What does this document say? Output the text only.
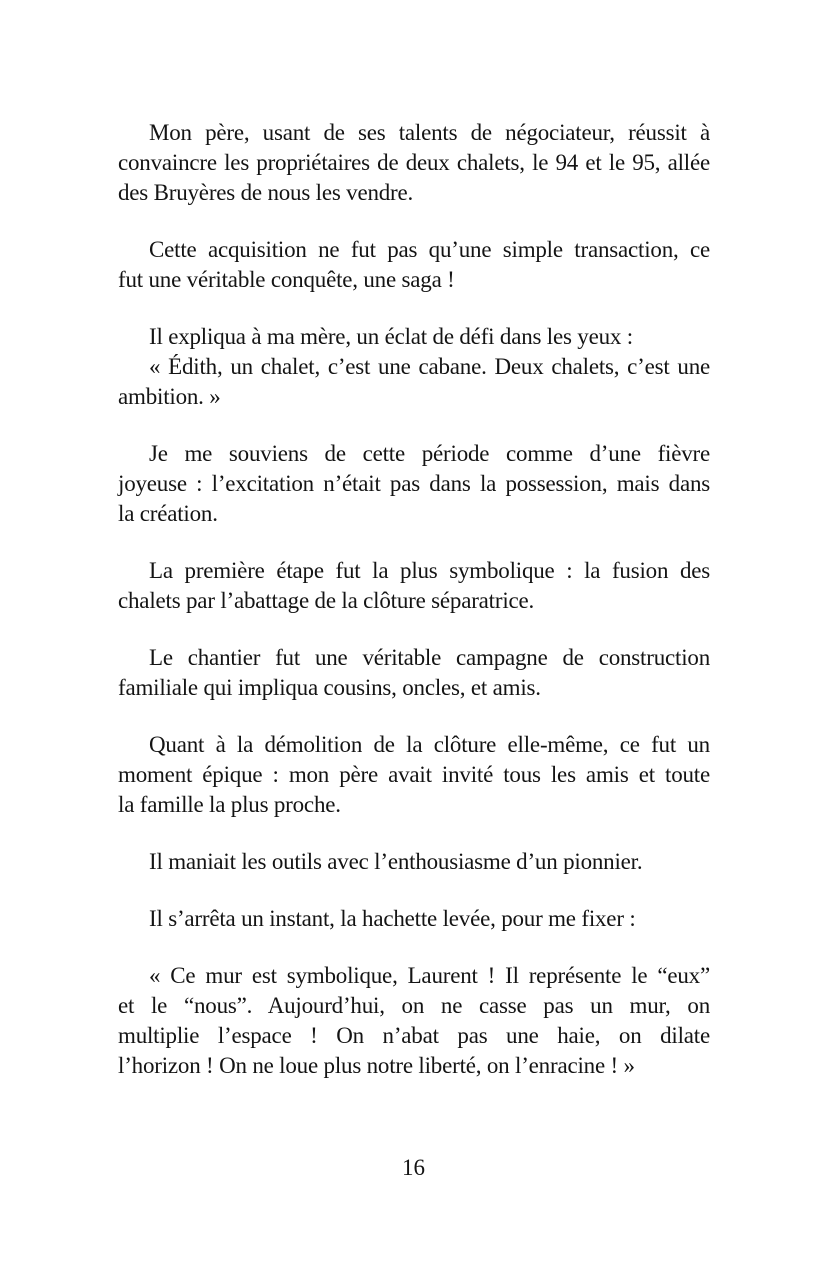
Mon père, usant de ses talents de négociateur, réussit à
convaincre les propriétaires de deux chalets, le 94 et le 95, allée
des Bruyères de nous les vendre.
Cette acquisition ne fut pas qu’une simple transaction, ce
fut une véritable conquête, une saga !
Il expliqua à ma mère, un éclat de défi dans les yeux :
« Édith, un chalet, c’est une cabane. Deux chalets, c’est une
ambition. »
Je me souviens de cette période comme d’une fièvre
joyeuse : l’excitation n’était pas dans la possession, mais dans
la création.
La première étape fut la plus symbolique : la fusion des
chalets par l’abattage de la clôture séparatrice.
Le chantier fut une véritable campagne de construction
familiale qui impliqua cousins, oncles, et amis.
Quant à la démolition de la clôture elle-même, ce fut un
moment épique : mon père avait invité tous les amis et toute
la famille la plus proche.
Il maniait les outils avec l’enthousiasme d’un pionnier.
Il s’arrêta un instant, la hachette levée, pour me fixer :
« Ce mur est symbolique, Laurent ! Il représente le “eux”
et le “nous”. Aujourd’hui, on ne casse pas un mur, on
multiplie l’espace ! On n’abat pas une haie, on dilate
l’horizon ! On ne loue plus notre liberté, on l’enracine ! »
16
